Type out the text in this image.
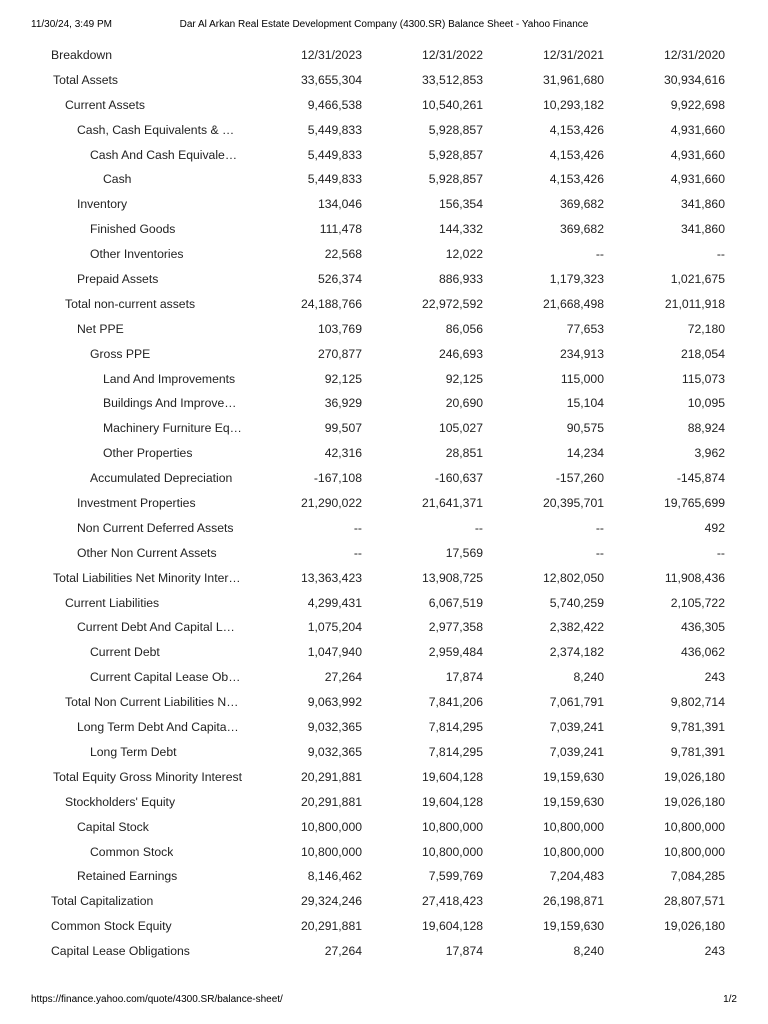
11/30/24, 3:49 PM	Dar Al Arkan Real Estate Development Company (4300.SR) Balance Sheet - Yahoo Finance
Breakdown	12/31/2023	12/31/2022	12/31/2021	12/31/2020
Total Assets	33,655,304	33,512,853	31,961,680	30,934,616
Current Assets	9,466,538	10,540,261	10,293,182	9,922,698
Cash, Cash Equivalents & …	5,449,833	5,928,857	4,153,426	4,931,660
Cash And Cash Equivale…	5,449,833	5,928,857	4,153,426	4,931,660
Cash	5,449,833	5,928,857	4,153,426	4,931,660
Inventory	134,046	156,354	369,682	341,860
Finished Goods	111,478	144,332	369,682	341,860
Other Inventories	22,568	12,022	--	--
Prepaid Assets	526,374	886,933	1,179,323	1,021,675
Total non-current assets	24,188,766	22,972,592	21,668,498	21,011,918
Net PPE	103,769	86,056	77,653	72,180
Gross PPE	270,877	246,693	234,913	218,054
Land And Improvements	92,125	92,125	115,000	115,073
Buildings And Improve…	36,929	20,690	15,104	10,095
Machinery Furniture Eq…	99,507	105,027	90,575	88,924
Other Properties	42,316	28,851	14,234	3,962
Accumulated Depreciation	-167,108	-160,637	-157,260	-145,874
Investment Properties	21,290,022	21,641,371	20,395,701	19,765,699
Non Current Deferred Assets	--	--	--	492
Other Non Current Assets	--	17,569	--	--
Total Liabilities Net Minority Inter…	13,363,423	13,908,725	12,802,050	11,908,436
Current Liabilities	4,299,431	6,067,519	5,740,259	2,105,722
Current Debt And Capital L…	1,075,204	2,977,358	2,382,422	436,305
Current Debt	1,047,940	2,959,484	2,374,182	436,062
Current Capital Lease Ob…	27,264	17,874	8,240	243
Total Non Current Liabilities N…	9,063,992	7,841,206	7,061,791	9,802,714
Long Term Debt And Capita…	9,032,365	7,814,295	7,039,241	9,781,391
Long Term Debt	9,032,365	7,814,295	7,039,241	9,781,391
Total Equity Gross Minority Interest	20,291,881	19,604,128	19,159,630	19,026,180
Stockholders' Equity	20,291,881	19,604,128	19,159,630	19,026,180
Capital Stock	10,800,000	10,800,000	10,800,000	10,800,000
Common Stock	10,800,000	10,800,000	10,800,000	10,800,000
Retained Earnings	8,146,462	7,599,769	7,204,483	7,084,285
Total Capitalization	29,324,246	27,418,423	26,198,871	28,807,571
Common Stock Equity	20,291,881	19,604,128	19,159,630	19,026,180
Capital Lease Obligations	27,264	17,874	8,240	243
https://finance.yahoo.com/quote/4300.SR/balance-sheet/	1/2
